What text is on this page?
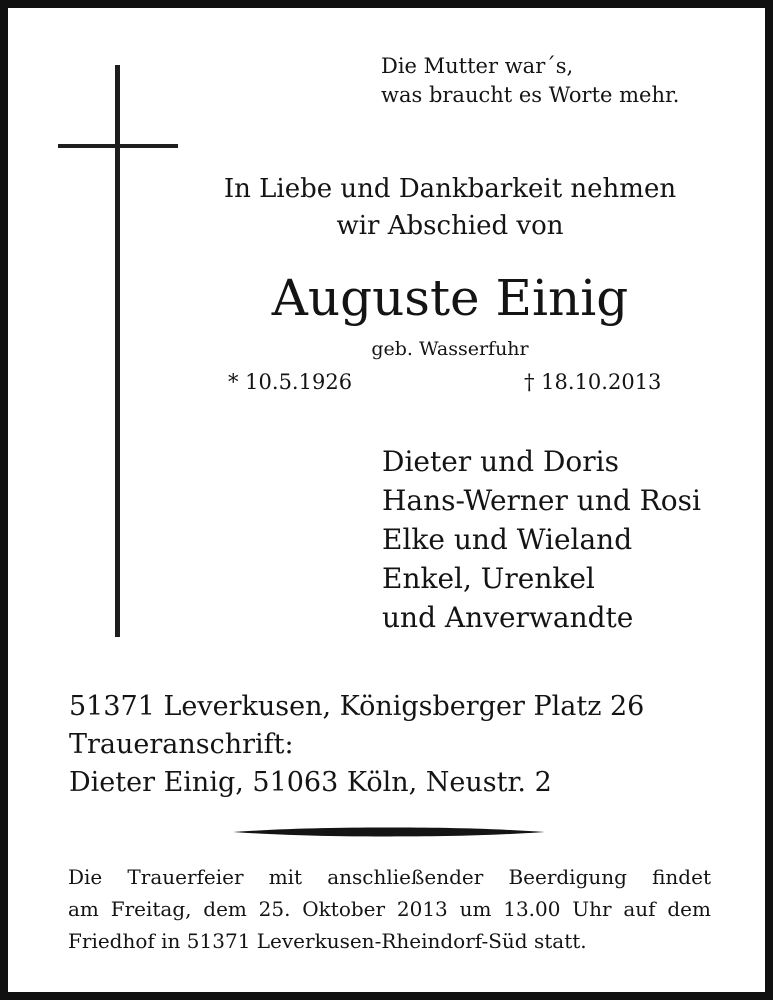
Die Mutter war´s,
was braucht es Worte mehr.
In Liebe und Dankbarkeit nehmen
wir Abschied von
Auguste Einig
geb. Wasserfuhr
* 10.5.1926	† 18.10.2013
Dieter und Doris
Hans-Werner und Rosi
Elke und Wieland
Enkel, Urenkel
und Anverwandte
51371 Leverkusen, Königsberger Platz 26
Traueranschrift:
Dieter Einig, 51063 Köln, Neustr. 2
Die Trauerfeier mit anschließender Beerdigung findet
am Freitag, dem 25. Oktober 2013 um 13.00 Uhr auf dem
Friedhof in 51371 Leverkusen-Rheindorf-Süd statt.
